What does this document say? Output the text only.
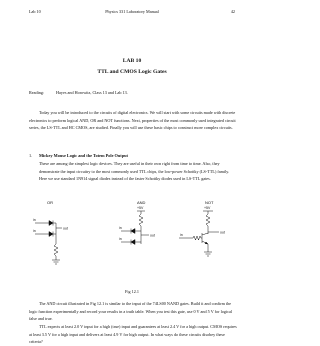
Lab 10	Physics 331 Laboratory Manual	42
LAB 10
TTL and CMOS Logic Gates

Reading:	Hayes and Horowitz, Class 13 and Lab 13.

Today you will be introduced to the circuits of digital electronics. We will start with some circuits made with discrete electronics to perform logical AND, OR and NOT functions. Next, properties of the most commonly used integrated circuit series, the LS-TTL and HC CMOS, are studied. Finally you will use these basic chips to construct more complex circuits.

1. Mickey Mouse Logic and the Totem Pole Output

These are among the simplest logic devices. They are useful in their own right from time to time. Also, they demonstrate the input circuitry to the most commonly used TTL chips, the low-power Schottky (LS-TTL) family. Here we use standard 1N914 signal diodes instead of the faster Schottky diodes used in LS-TTL gates.

OR
in
in
out
AND
+5V
in
in
out
NOT
+5V
in
out
Fig 12.1

The AND circuit illustrated in Fig 12.1 is similar to the input of the 74LS00 NAND gates. Build it and confirm the logic function experimentally and record your results in a truth table. When you test this gate, use 0 V and 5 V for logical false and true.

TTL expects at least 2.0 V input for a high (true) input and guarantees at least 2.4 V for a high output. CMOS requires at least 3.5 V for a high input and delivers at least 4.9 V for high output. In what ways do these circuits disobey these criteria?
